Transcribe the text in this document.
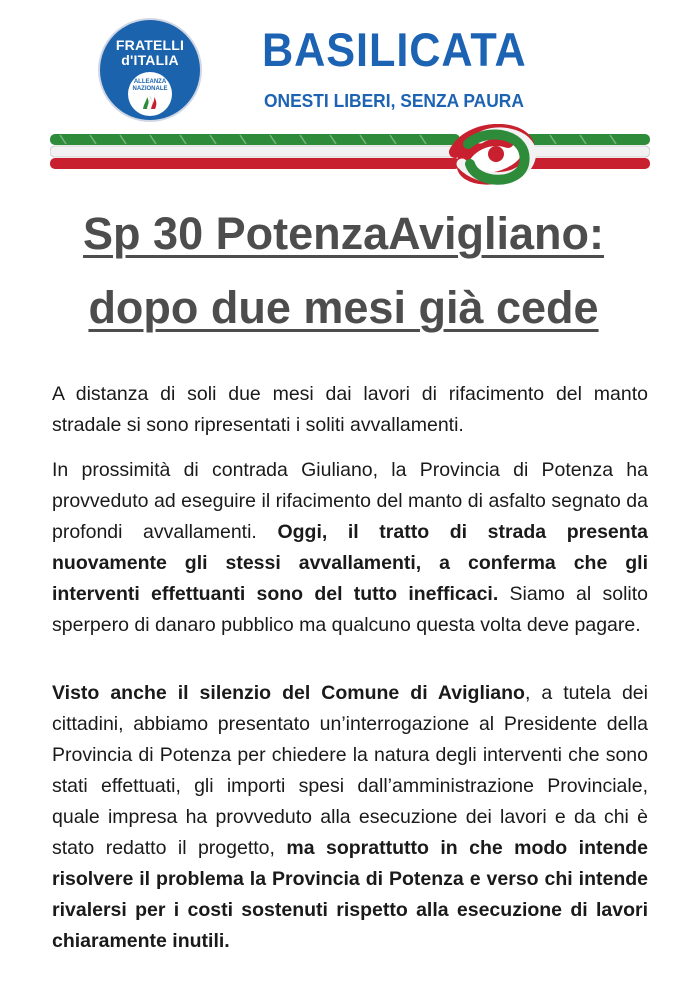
FRATELLI
d'ITALIA
ALLEANZA NAZIONALE
BASILICATA
ONESTI LIBERI, SENZA PAURA
Sp 30 PotenzaAvigliano:
dopo due mesi già cede

A distanza di soli due mesi dai lavori di rifacimento del manto stradale si sono ripresentati i soliti avvallamenti.

In prossimità di contrada Giuliano, la Provincia di Potenza ha provveduto ad eseguire il rifacimento del manto di asfalto segnato da profondi avvallamenti. Oggi, il tratto di strada presenta nuovamente gli stessi avvallamenti, a conferma che gli interventi effettuanti sono del tutto inefficaci. Siamo al solito sperpero di danaro pubblico ma qualcuno questa volta deve pagare.

Visto anche il silenzio del Comune di Avigliano, a tutela dei cittadini, abbiamo presentato un’interrogazione al Presidente della Provincia di Potenza per chiedere la natura degli interventi che sono stati effettuati, gli importi spesi dall’amministrazione Provinciale, quale impresa ha provveduto alla esecuzione dei lavori e da chi è stato redatto il progetto, ma soprattutto in che modo intende risolvere il problema la Provincia di Potenza e verso chi intende rivalersi per i costi sostenuti rispetto alla esecuzione di lavori chiaramente inutili.
